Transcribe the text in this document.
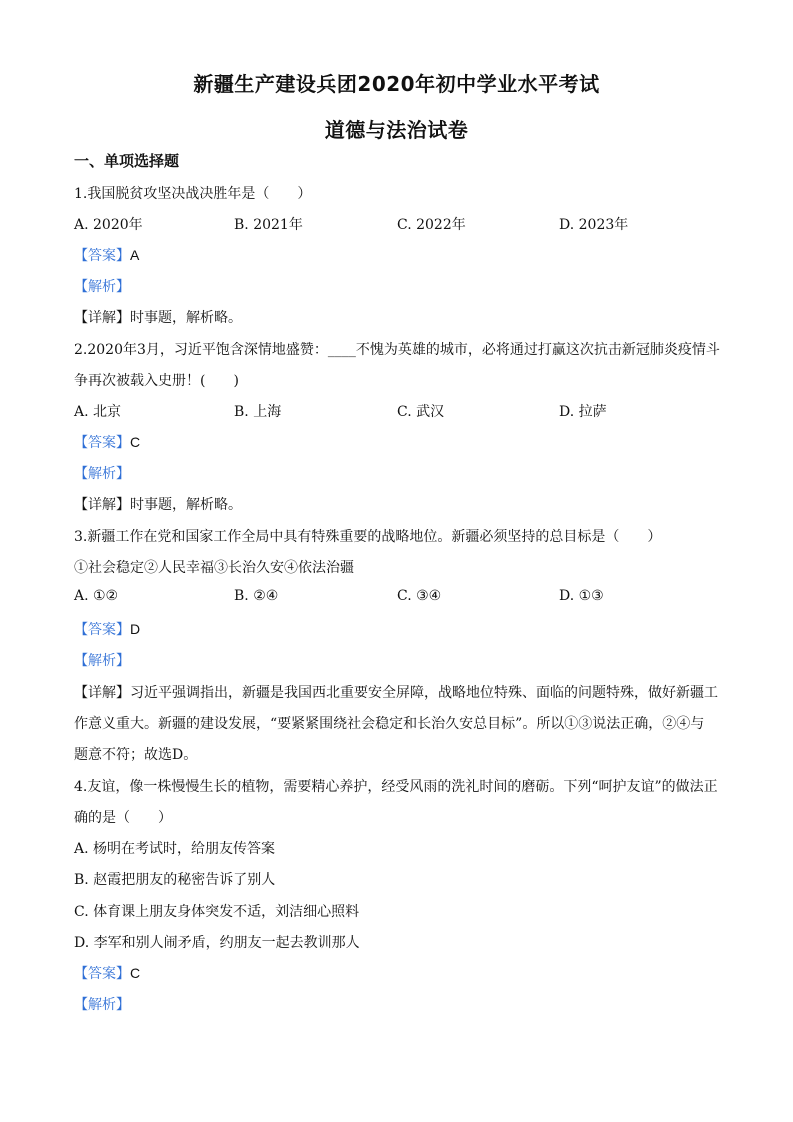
新疆生产建设兵团2020年初中学业水平考试
道德与法治试卷
一、单项选择题
1.我国脱贫攻坚决战决胜年是（　　）
A. 2020年	B. 2021年	C. 2022年	D. 2023年
【答案】A
【解析】
【详解】时事题，解析略。
2.2020年3月，习近平饱含深情地盛赞：____不愧为英雄的城市，必将通过打赢这次抗击新冠肺炎疫情斗
争再次被载入史册！(　　)
A. 北京	B. 上海	C. 武汉	D. 拉萨
【答案】C
【解析】
【详解】时事题，解析略。
3.新疆工作在党和国家工作全局中具有特殊重要的战略地位。新疆必须坚持的总目标是（　　）
①社会稳定②人民幸福③长治久安④依法治疆
A. ①②	B. ②④	C. ③④	D. ①③
【答案】D
【解析】
【详解】习近平强调指出，新疆是我国西北重要安全屏障，战略地位特殊、面临的问题特殊，做好新疆工
作意义重大。新疆的建设发展，“要紧紧围绕社会稳定和长治久安总目标”。所以①③说法正确，②④与
题意不符；故选D。
4.友谊，像一株慢慢生长的植物，需要精心养护，经受风雨的洗礼时间的磨砺。下列“呵护友谊”的做法正
确的是（　　）
A. 杨明在考试时，给朋友传答案
B. 赵霞把朋友的秘密告诉了别人
C. 体育课上朋友身体突发不适，刘洁细心照料
D. 李军和别人闹矛盾，约朋友一起去教训那人
【答案】C
【解析】
